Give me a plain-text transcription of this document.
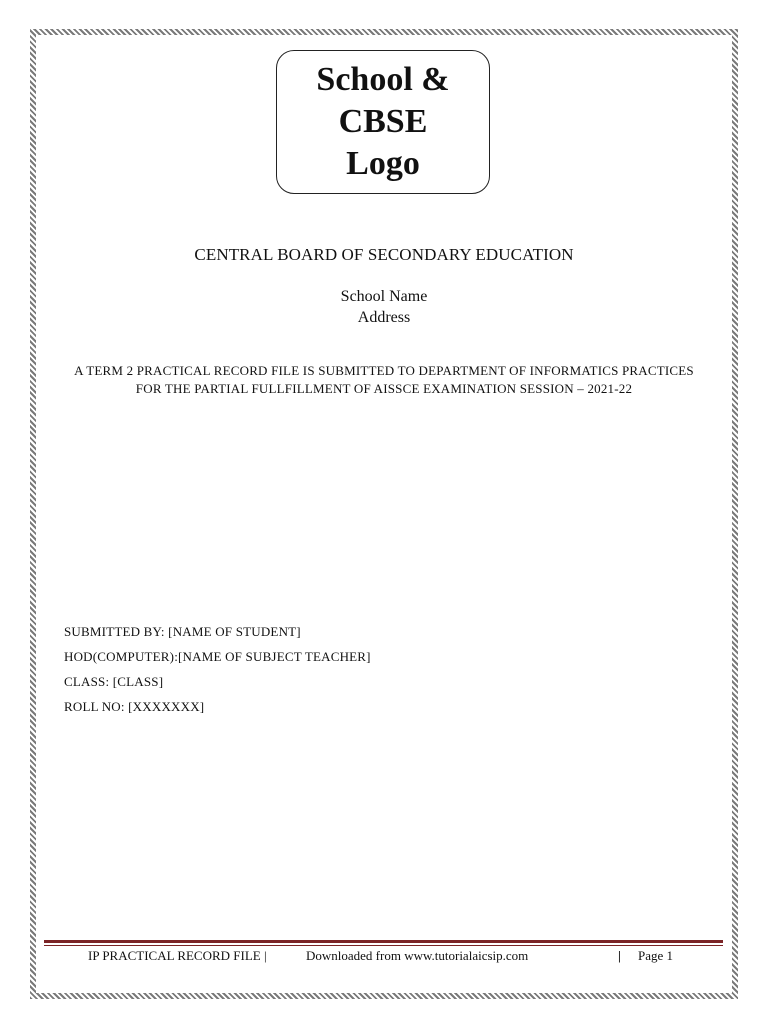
School &
CBSE
Logo
CENTRAL BOARD OF SECONDARY EDUCATION
School Name
Address
A TERM 2 PRACTICAL RECORD FILE IS SUBMITTED TO DEPARTMENT OF INFORMATICS PRACTICES
FOR THE PARTIAL FULLFILLMENT OF AISSCE EXAMINATION SESSION – 2021-22
SUBMITTED BY: [NAME OF STUDENT]
HOD(COMPUTER):[NAME OF SUBJECT TEACHER]
CLASS: [CLASS]
ROLL NO: [XXXXXXX]
IP PRACTICAL RECORD FILE |	Downloaded from www.tutorialaicsip.com	| Page 1
